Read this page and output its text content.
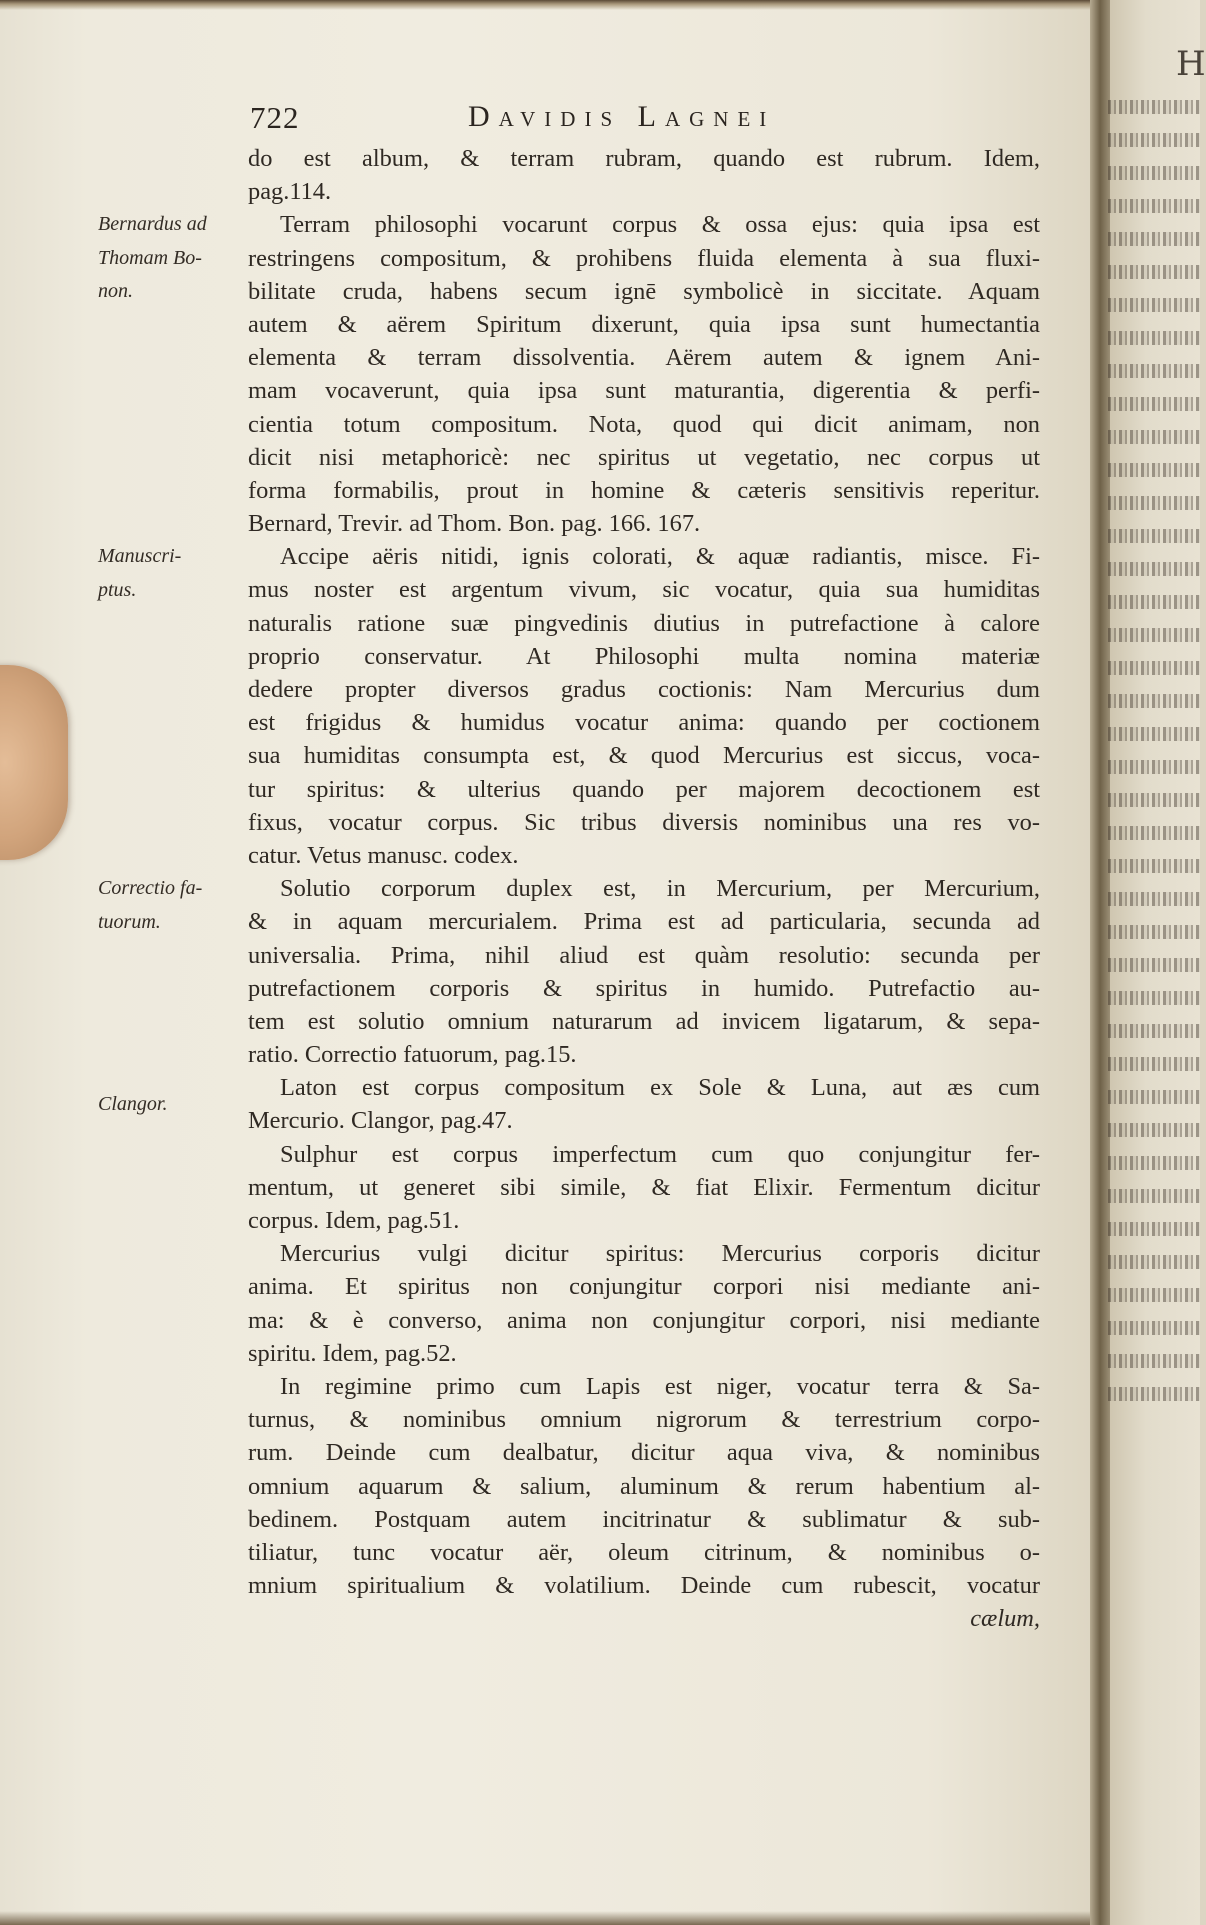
722	Davidis Lagnei
Bernardus ad
Thomam Bo-
non.
Manuscri-
ptus.
Correctio fa-
tuorum.
Clangor.
do est album, & terram rubram, quando est rubrum. Idem,
pag.114.
Terram philosophi vocarunt corpus & ossa ejus: quia ipsa est
restringens compositum, & prohibens fluida elementa à sua fluxi-
bilitate cruda, habens secum ignē symbolicè in siccitate. Aquam
autem & aërem Spiritum dixerunt, quia ipsa sunt humectantia
elementa & terram dissolventia. Aërem autem & ignem Ani-
mam vocaverunt, quia ipsa sunt maturantia, digerentia & perfi-
cientia totum compositum. Nota, quod qui dicit animam, non
dicit nisi metaphoricè: nec spiritus ut vegetatio, nec corpus ut
forma formabilis, prout in homine & cæteris sensitivis reperitur.
Bernard, Trevir. ad Thom. Bon. pag. 166. 167.
Accipe aëris nitidi, ignis colorati, & aquæ radiantis, misce. Fi-
mus noster est argentum vivum, sic vocatur, quia sua humiditas
naturalis ratione suæ pingvedinis diutius in putrefactione à calore
proprio conservatur. At Philosophi multa nomina materiæ
dedere propter diversos gradus coctionis: Nam Mercurius dum
est frigidus & humidus vocatur anima: quando per coctionem
sua humiditas consumpta est, & quod Mercurius est siccus, voca-
tur spiritus: & ulterius quando per majorem decoctionem est
fixus, vocatur corpus. Sic tribus diversis nominibus una res vo-
catur. Vetus manusc. codex.
Solutio corporum duplex est, in Mercurium, per Mercurium,
& in aquam mercurialem. Prima est ad particularia, secunda ad
universalia. Prima, nihil aliud est quàm resolutio: secunda per
putrefactionem corporis & spiritus in humido. Putrefactio au-
tem est solutio omnium naturarum ad invicem ligatarum, & sepa-
ratio. Correctio fatuorum, pag.15.
Laton est corpus compositum ex Sole & Luna, aut æs cum
Mercurio. Clangor, pag.47.
Sulphur est corpus imperfectum cum quo conjungitur fer-
mentum, ut generet sibi simile, & fiat Elixir. Fermentum dicitur
corpus. Idem, pag.51.
Mercurius vulgi dicitur spiritus: Mercurius corporis dicitur
anima. Et spiritus non conjungitur corpori nisi mediante ani-
ma: & è converso, anima non conjungitur corpori, nisi mediante
spiritu. Idem, pag.52.
In regimine primo cum Lapis est niger, vocatur terra & Sa-
turnus, & nominibus omnium nigrorum & terrestrium corpo-
rum. Deinde cum dealbatur, dicitur aqua viva, & nominibus
omnium aquarum & salium, aluminum & rerum habentium al-
bedinem. Postquam autem incitrinatur & sublimatur & sub-
tiliatur, tunc vocatur aër, oleum citrinum, & nominibus o-
mnium spiritualium & volatilium. Deinde cum rubescit, vocatur
cælum,
H
